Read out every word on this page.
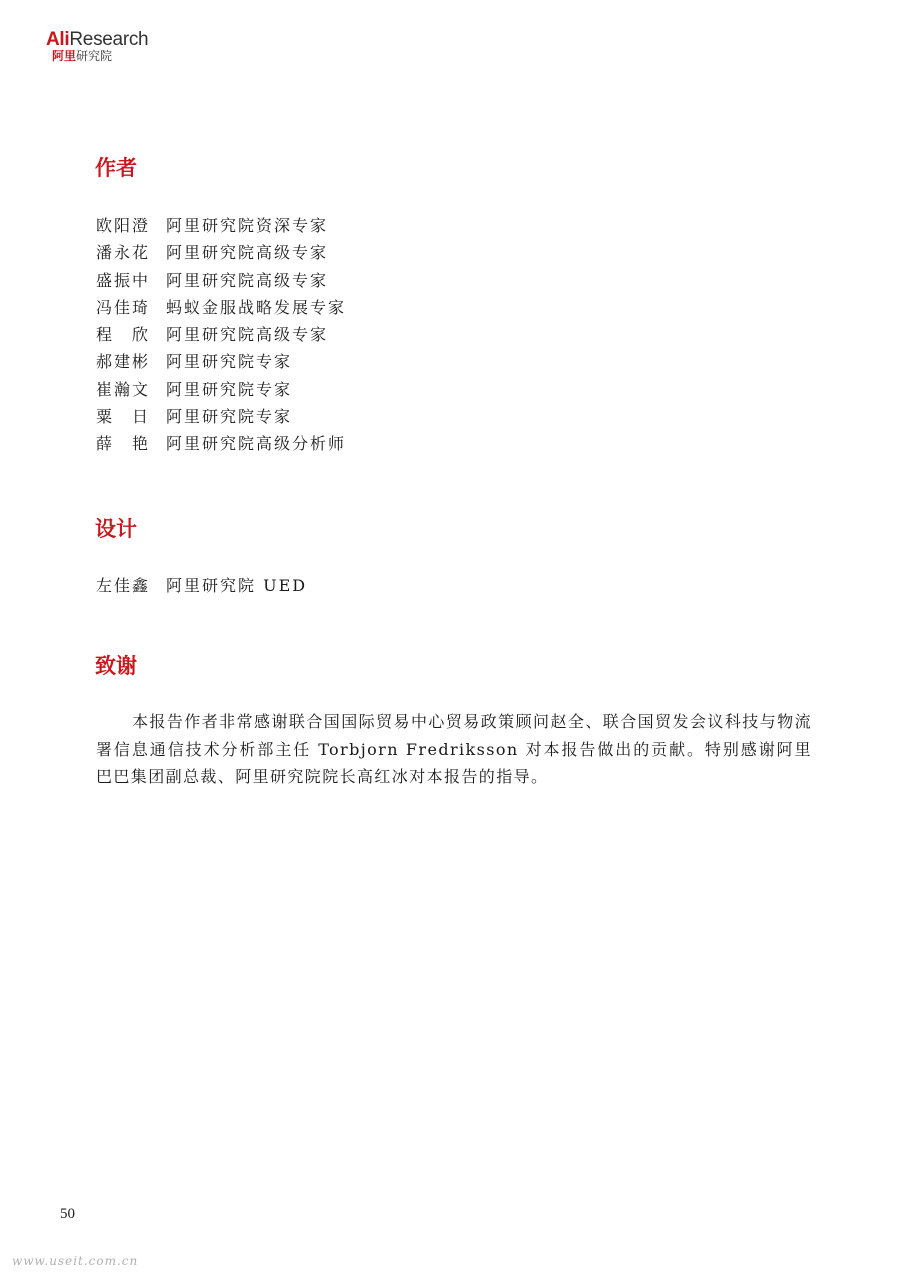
AliResearch
阿里研究院
作者
欧阳澄 阿里研究院资深专家
潘永花 阿里研究院高级专家
盛振中 阿里研究院高级专家
冯佳琦 蚂蚁金服战略发展专家
程　欣 阿里研究院高级专家
郝建彬 阿里研究院专家
崔瀚文 阿里研究院专家
粟　日 阿里研究院专家
薛　艳 阿里研究院高级分析师
设计
左佳鑫 阿里研究院 UED
致谢

本报告作者非常感谢联合国国际贸易中心贸易政策顾问赵全、联合国贸发会议科技与物流署信息通信技术分析部主任 Torbjorn Fredriksson 对本报告做出的贡献。特别感谢阿里巴巴集团副总裁、阿里研究院院长高红冰对本报告的指导。

50
www.useit.com.cn
